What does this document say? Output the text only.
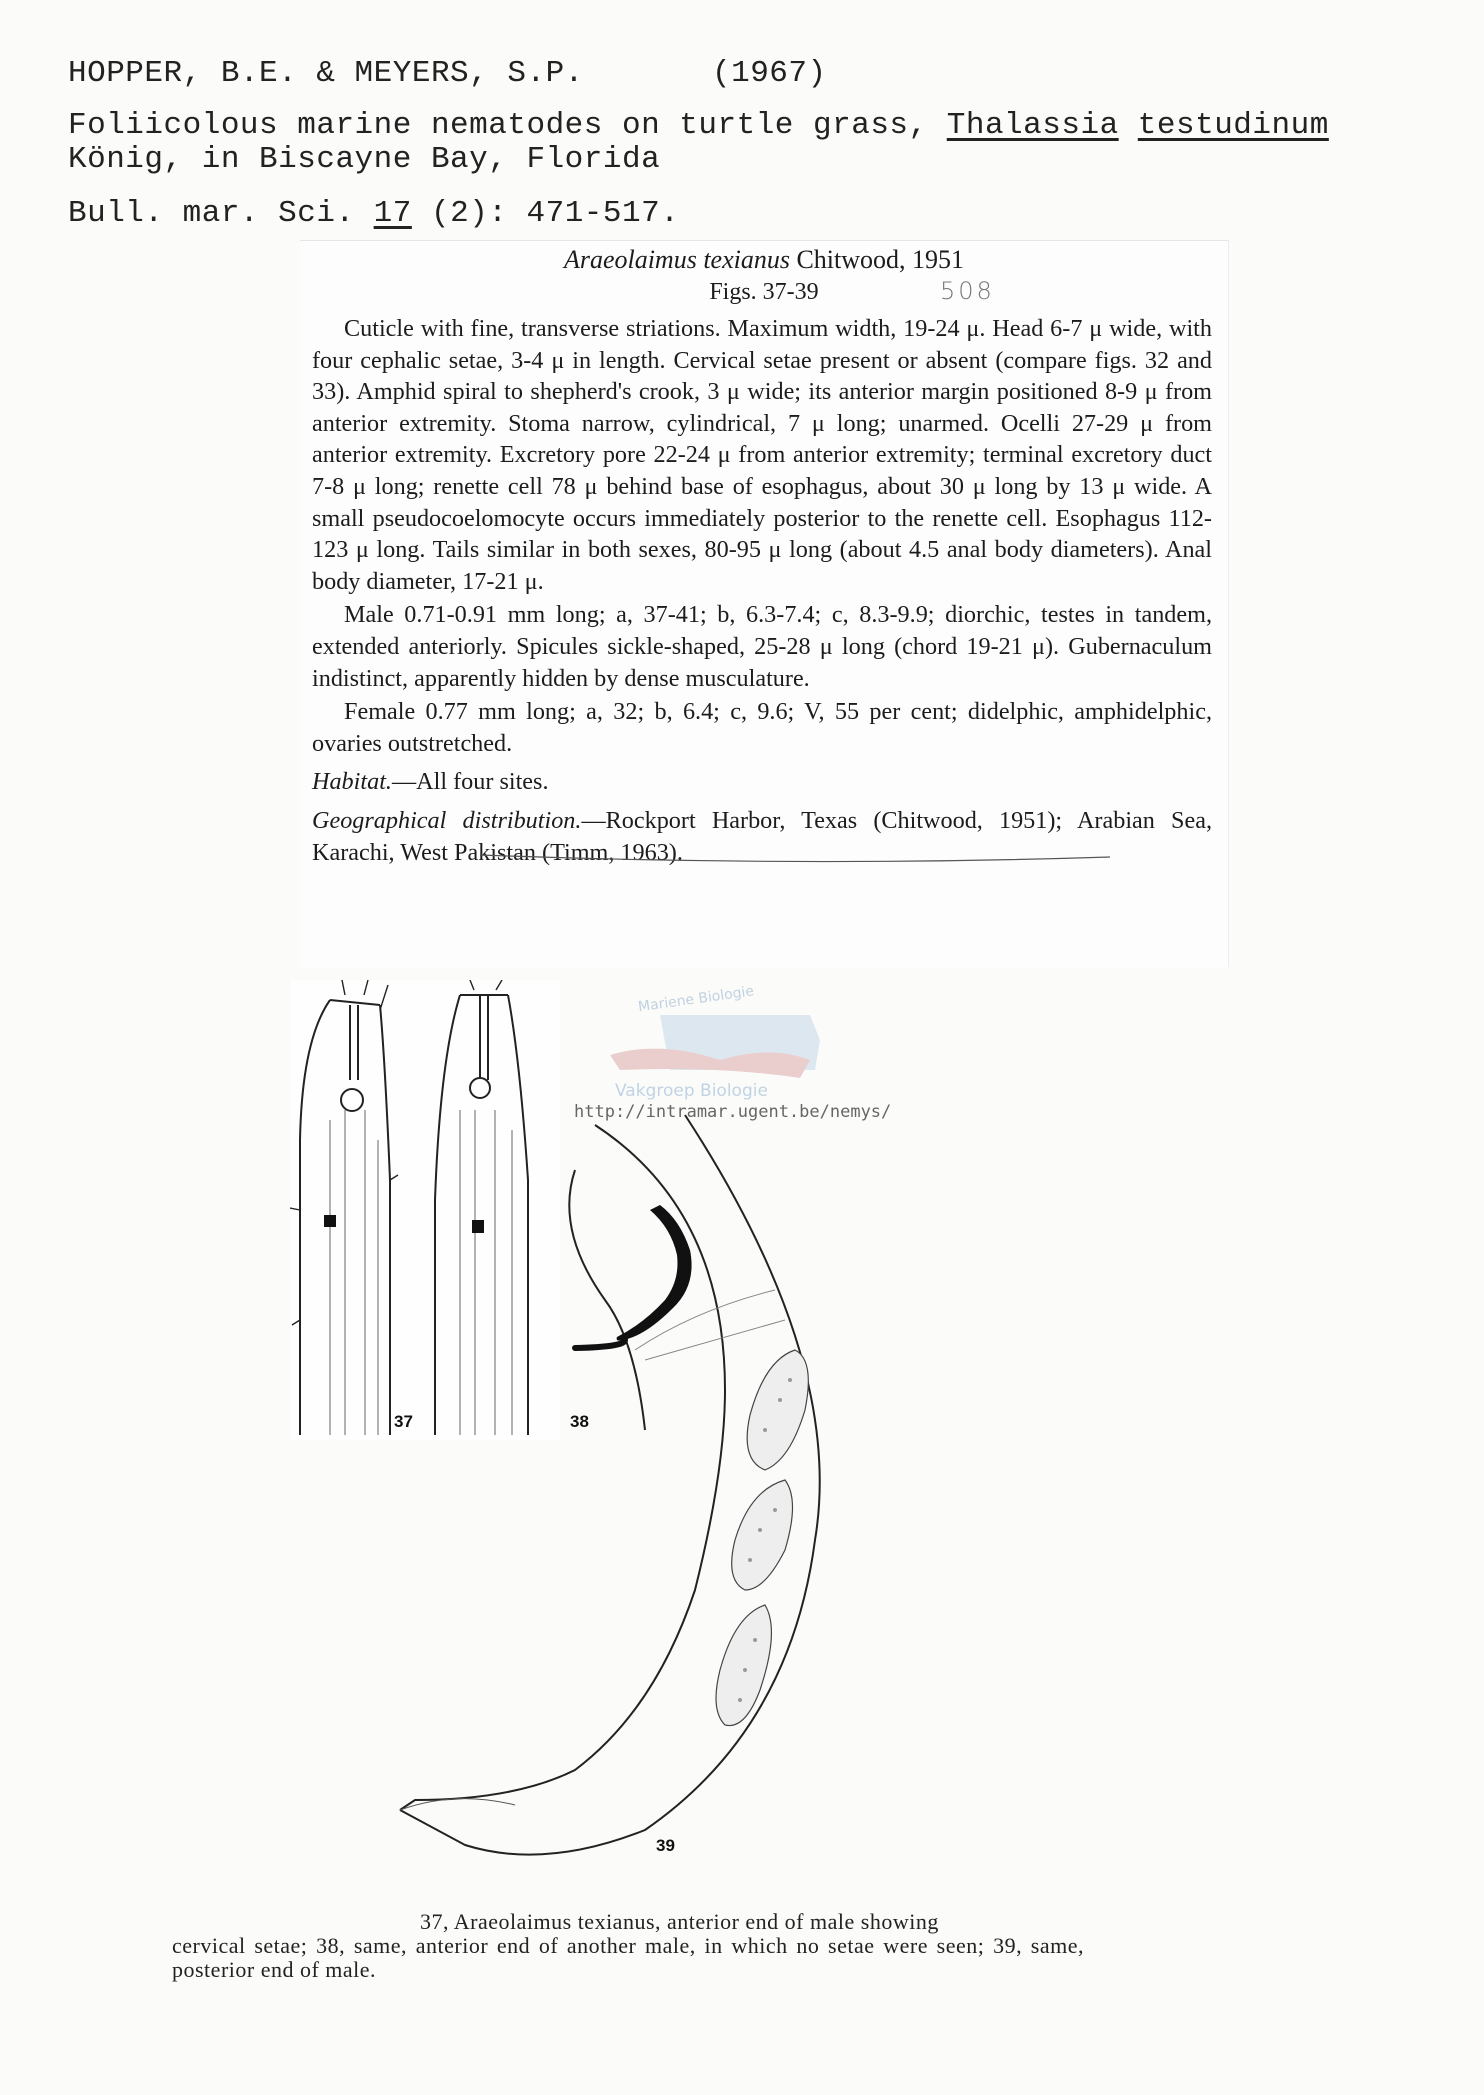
HOPPER, B.E. & MEYERS, S.P.	(1967)
Foliicolous marine nematodes on turtle grass, Thalassia testudinum
König, in Biscayne Bay, Florida
Bull. mar. Sci. 17 (2): 471-517.
Araeolaimus texianus Chitwood, 1951
Figs. 37-39	508

Cuticle with fine, transverse striations. Maximum width, 19-24 μ. Head 6-7 μ wide, with four cephalic setae, 3-4 μ in length. Cervical setae present or absent (compare figs. 32 and 33). Amphid spiral to shepherd's crook, 3 μ wide; its anterior margin positioned 8-9 μ from anterior extremity. Stoma narrow, cylindrical, 7 μ long; unarmed. Ocelli 27-29 μ from anterior extremity. Excretory pore 22-24 μ from anterior extremity; terminal excretory duct 7-8 μ long; renette cell 78 μ behind base of esophagus, about 30 μ long by 13 μ wide. A small pseudocoelomocyte occurs immediately posterior to the renette cell. Esophagus 112-123 μ long. Tails similar in both sexes, 80-95 μ long (about 4.5 anal body diameters). Anal body diameter, 17-21 μ.

Male 0.71-0.91 mm long; a, 37-41; b, 6.3-7.4; c, 8.3-9.9; diorchic, testes in tandem, extended anteriorly. Spicules sickle-shaped, 25-28 μ long (chord 19-21 μ). Gubernaculum indistinct, apparently hidden by dense musculature.

Female 0.77 mm long; a, 32; b, 6.4; c, 9.6; V, 55 per cent; didelphic, amphidelphic, ovaries outstretched.

Habitat.—All four sites.

Geographical distribution.—Rockport Harbor, Texas (Chitwood, 1951); Arabian Sea, Karachi, West Pakistan (Timm, 1963).

Mariene Biologie
Vakgroep Biologie
http://intramar.ugent.be/nemys/
37	38
39
37, Araeolaimus texianus, anterior end of male showing
cervical setae; 38, same, anterior end of another male, in which no setae were seen; 39, same, posterior end of male.
